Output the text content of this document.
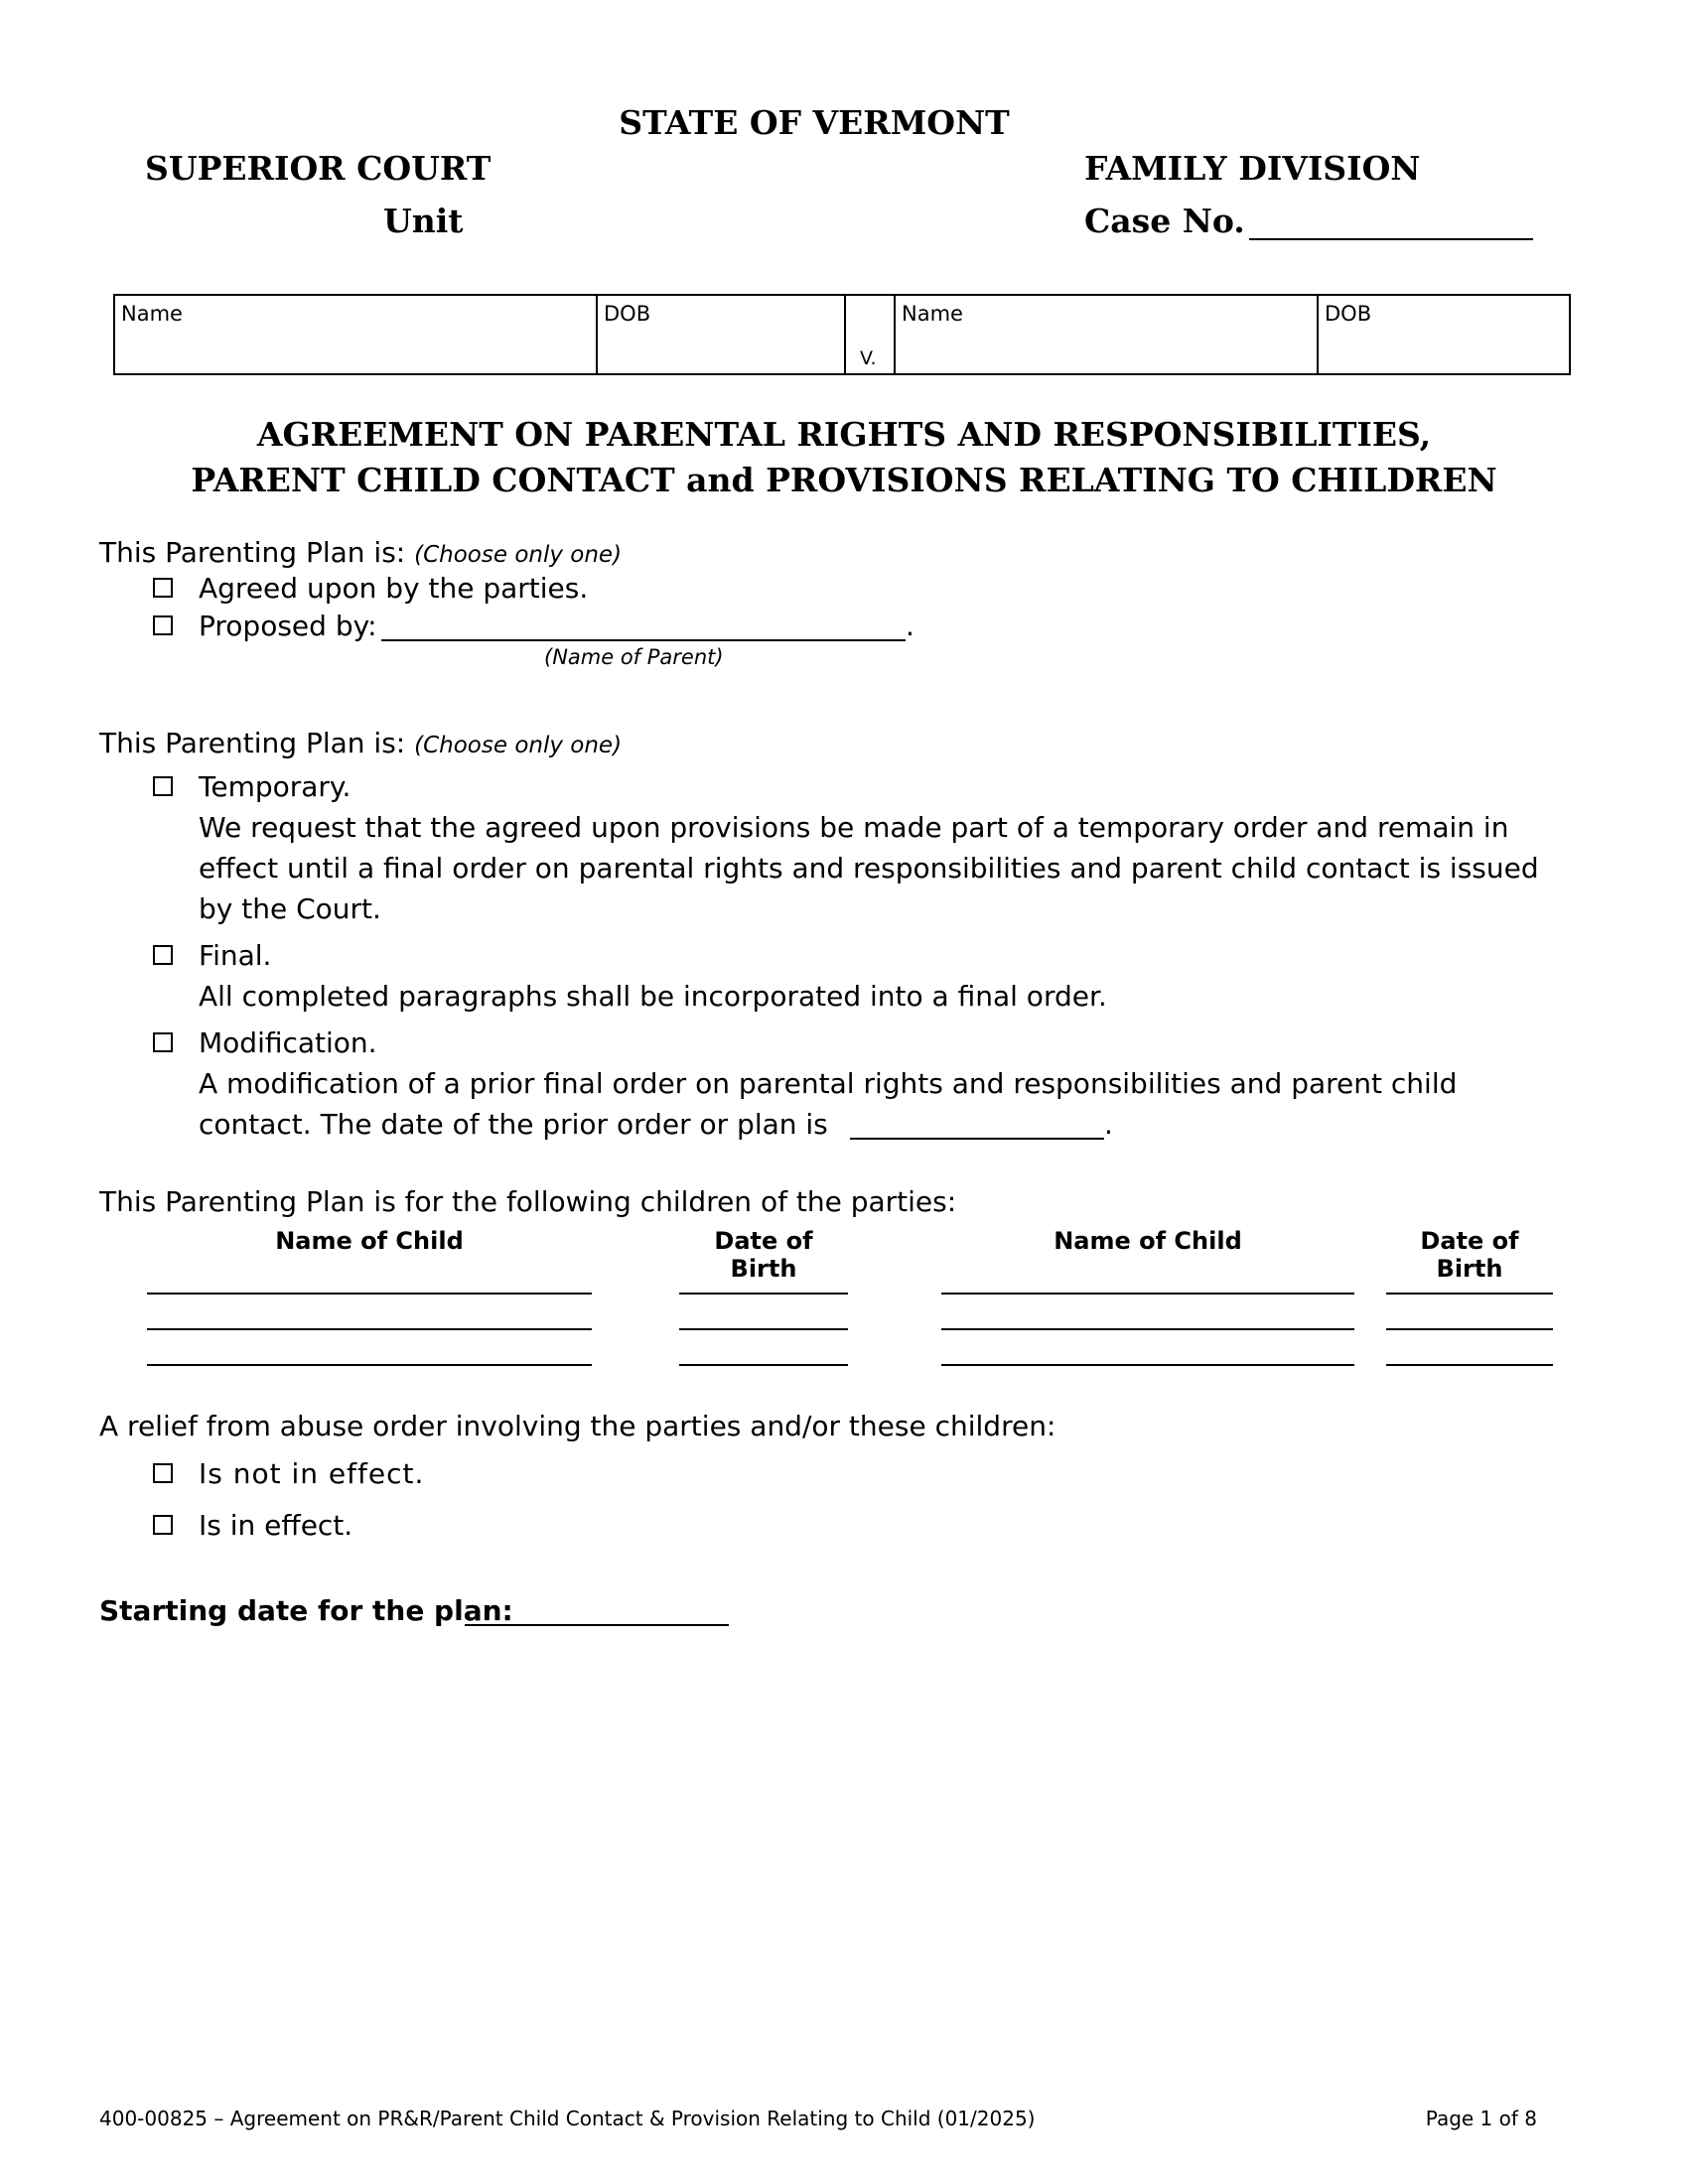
STATE OF VERMONT
SUPERIOR COURT
Unit
FAMILY DIVISION
Case No.
Name	DOB
V.
Name	DOB
AGREEMENT ON PARENTAL RIGHTS AND RESPONSIBILITIES,
PARENT CHILD CONTACT and PROVISIONS RELATING TO CHILDREN
This Parenting Plan is: (Choose only one)
Agreed upon by the parties.
Proposed by:	.
(Name of Parent)
This Parenting Plan is: (Choose only one)
Temporary.
We request that the agreed upon provisions be made part of a temporary order and remain in
effect until a final order on parental rights and responsibilities and parent child contact is issued
by the Court.
Final.
All completed paragraphs shall be incorporated into a final order.
Modification.
A modification of a prior final order on parental rights and responsibilities and parent child
contact. The date of the prior order or plan is	.
This Parenting Plan is for the following children of the parties:
Name of Child	Date of Birth
Name of Child	Date of Birth
A relief from abuse order involving the parties and/or these children:
Is not in effect.
Is in effect.
Starting date for the plan:
400-00825 – Agreement on PR&R/Parent Child Contact & Provision Relating to Child (01/2025)	Page 1 of 8
